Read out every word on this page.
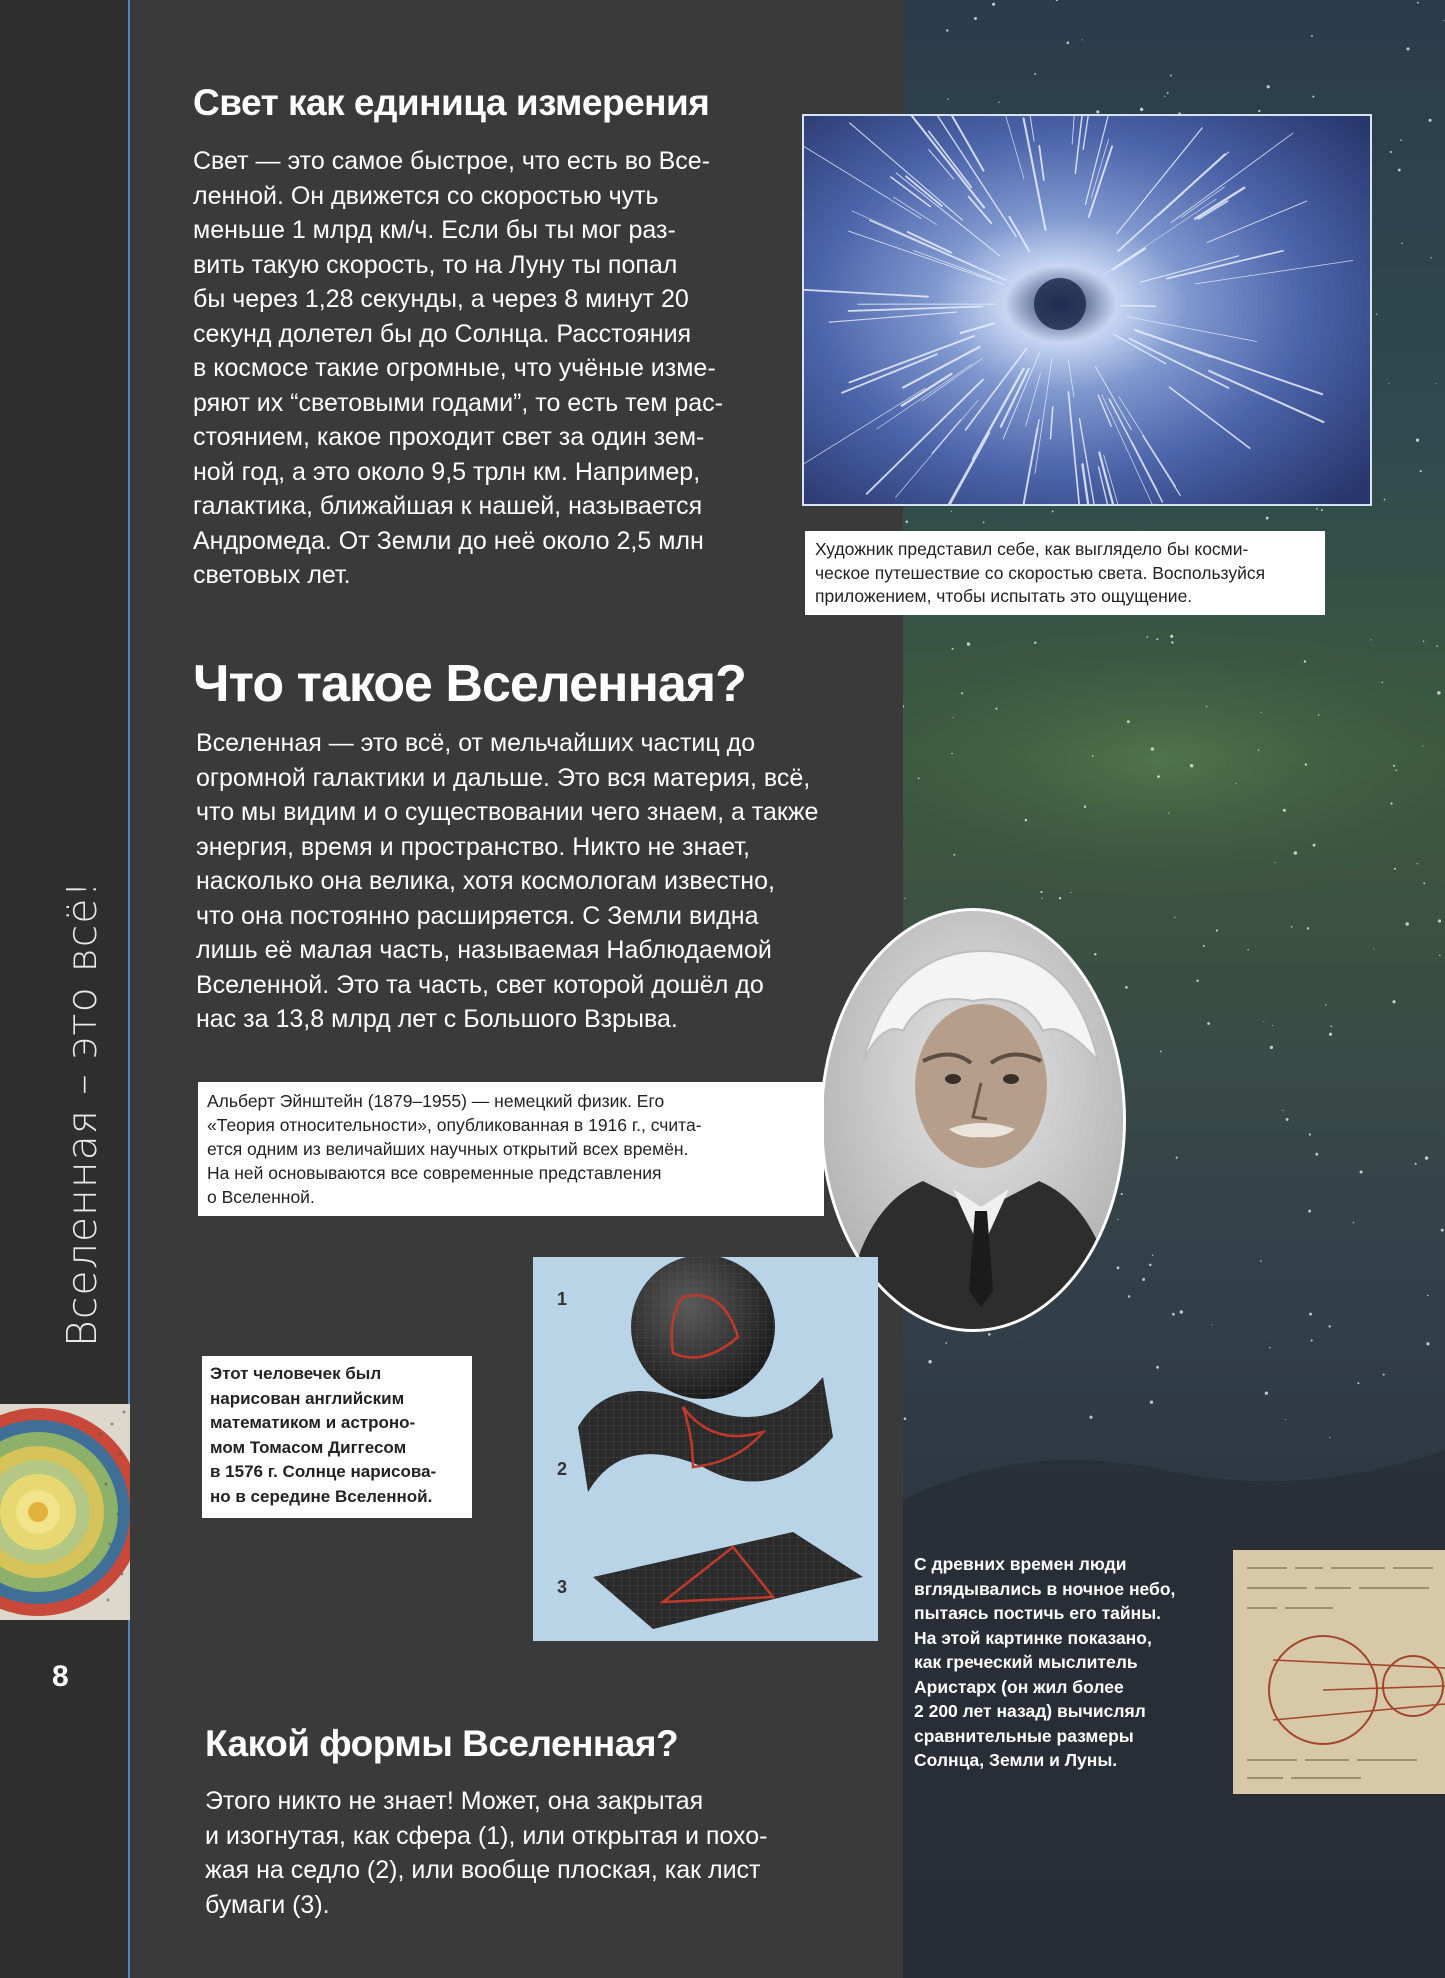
Вселенная – это всё!
8
Свет как единица измерения
Свет — это самое быстрое, что есть во Все-
ленной. Он движется со скоростью чуть
меньше 1 млрд км/ч. Если бы ты мог раз-
вить такую скорость, то на Луну ты попал
бы через 1,28 секунды, а через 8 минут 20
секунд долетел бы до Солнца. Расстояния
в космосе такие огромные, что учёные изме-
ряют их “световыми годами”, то есть тем рас-
стоянием, какое проходит свет за один зем-
ной год, а это около 9,5 трлн км. Например,
галактика, ближайшая к нашей, называется
Андромеда. От Земли до неё около 2,5 млн
световых лет.
Художник представил себе, как выглядело бы косми-
ческое путешествие со скоростью света. Воспользуйся
приложением, чтобы испытать это ощущение.
Что такое Вселенная?
Вселенная — это всё, от мельчайших частиц до
огромной галактики и дальше. Это вся материя, всё,
что мы видим и о существовании чего знаем, а также
энергия, время и пространство. Никто не знает,
насколько она велика, хотя космологам известно,
что она постоянно расширяется. С Земли видна
лишь её малая часть, называемая Наблюдаемой
Вселенной. Это та часть, свет которой дошёл до
нас за 13,8 млрд лет с Большого Взрыва.
Альберт Эйнштейн (1879–1955) — немецкий физик. Его
«Теория относительности», опубликованная в 1916 г., счита-
ется одним из величайших научных открытий всех времён.
На ней основываются все современные представления
о Вселенной.
Этот человечек был
нарисован английским
математиком и астроно-
мом Томасом Диггесом
в 1576 г. Солнце нарисова-
но в середине Вселенной.
1
2
3
С древних времен люди
вглядывались в ночное небо,
пытаясь постичь его тайны.
На этой картинке показано,
как греческий мыслитель
Аристарх (он жил более
2 200 лет назад) вычислял
сравнительные размеры
Солнца, Земли и Луны.
Какой формы Вселенная?
Этого никто не знает! Может, она закрытая
и изогнутая, как сфера (1), или открытая и похо-
жая на седло (2), или вообще плоская, как лист
бумаги (3).
